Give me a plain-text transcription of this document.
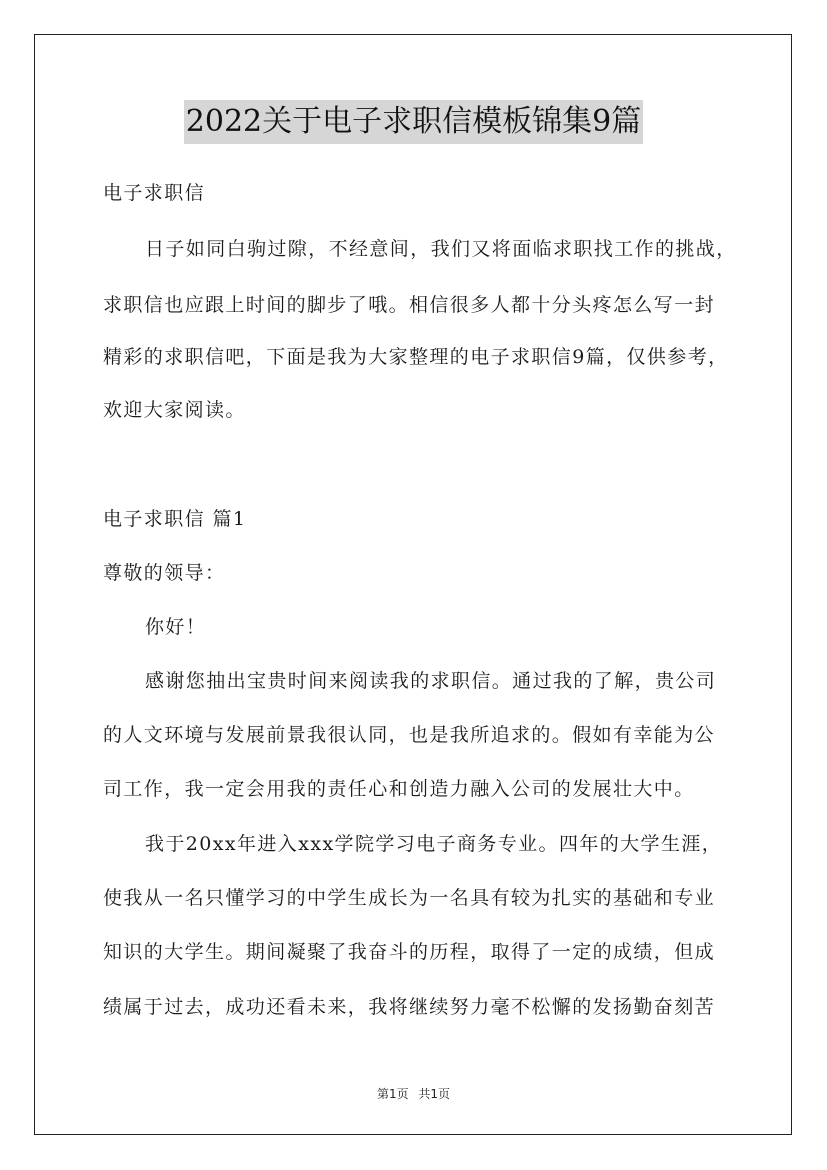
2022关于电子求职信模板锦集9篇
电子求职信
日子如同白驹过隙，不经意间，我们又将面临求职找工作的挑战，
求职信也应跟上时间的脚步了哦。相信很多人都十分头疼怎么写一封
精彩的求职信吧，下面是我为大家整理的电子求职信9篇，仅供参考，
欢迎大家阅读。
电子求职信 篇1
尊敬的领导：
你好！
感谢您抽出宝贵时间来阅读我的求职信。通过我的了解，贵公司
的人文环境与发展前景我很认同，也是我所追求的。假如有幸能为公
司工作，我一定会用我的责任心和创造力融入公司的发展壮大中。
我于20xx年进入xxx学院学习电子商务专业。四年的大学生涯，
使我从一名只懂学习的中学生成长为一名具有较为扎实的基础和专业
知识的大学生。期间凝聚了我奋斗的历程，取得了一定的成绩，但成
绩属于过去，成功还看未来，我将继续努力毫不松懈的发扬勤奋刻苦
第1页 共1页
